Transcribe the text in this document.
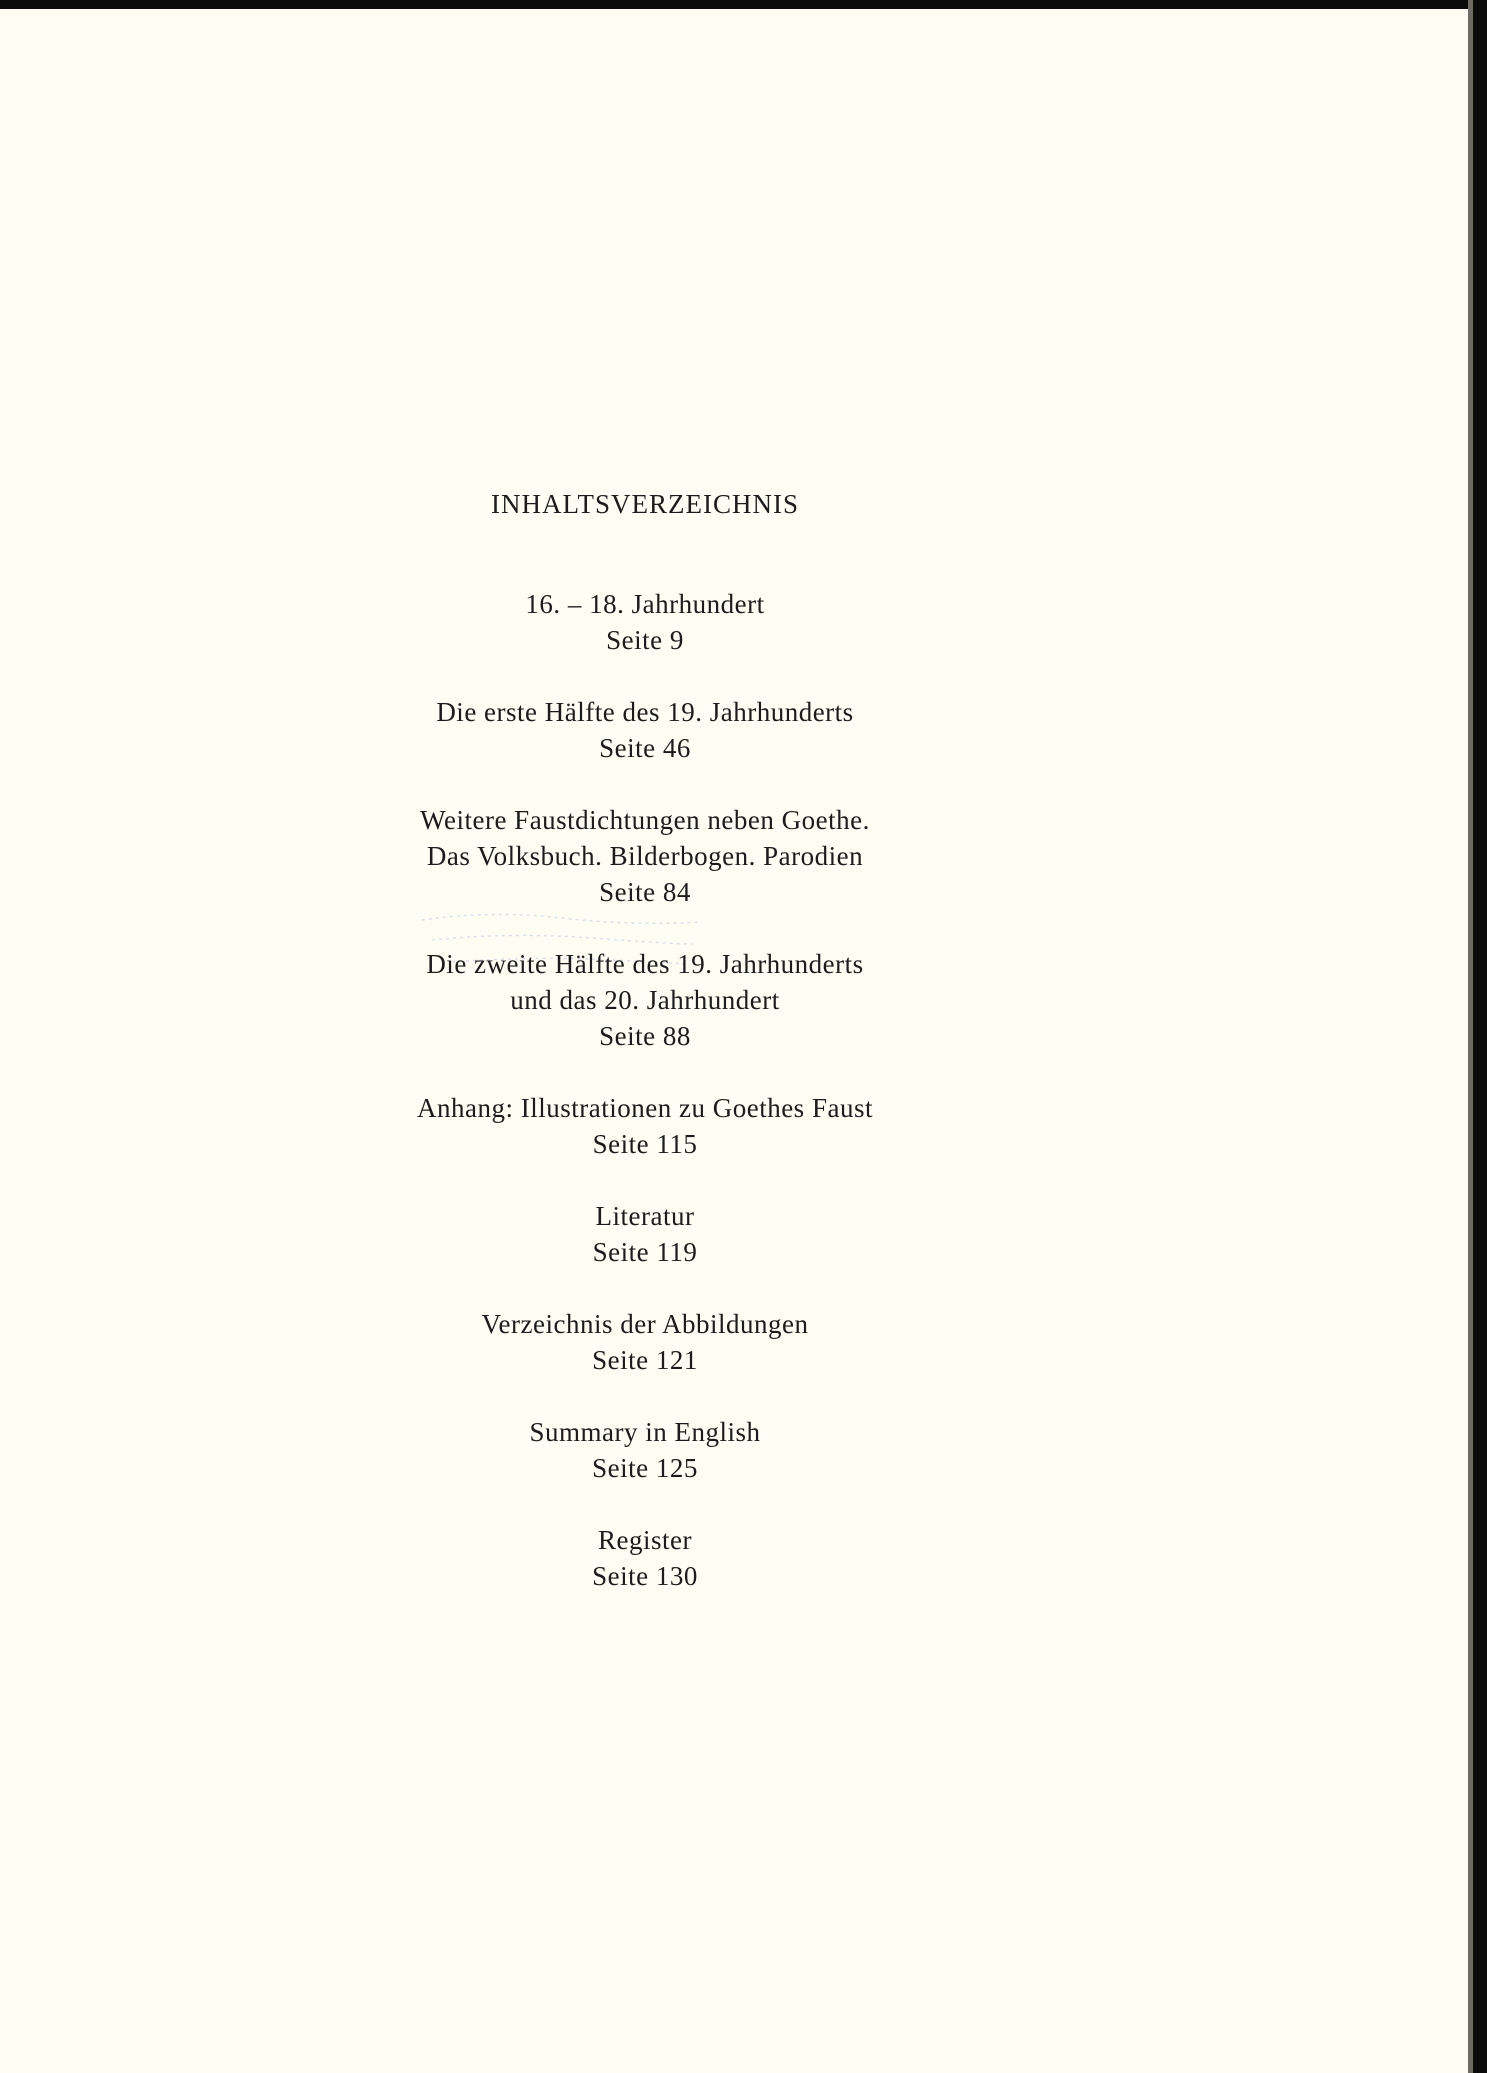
INHALTSVERZEICHNIS
16. – 18. Jahrhundert
Seite 9
Die erste Hälfte des 19. Jahrhunderts
Seite 46
Weitere Faustdichtungen neben Goethe.
Das Volksbuch. Bilderbogen. Parodien
Seite 84
Die zweite Hälfte des 19. Jahrhunderts
und das 20. Jahrhundert
Seite 88
Anhang: Illustrationen zu Goethes Faust
Seite 115
Literatur
Seite 119
Verzeichnis der Abbildungen
Seite 121
Summary in English
Seite 125
Register
Seite 130
